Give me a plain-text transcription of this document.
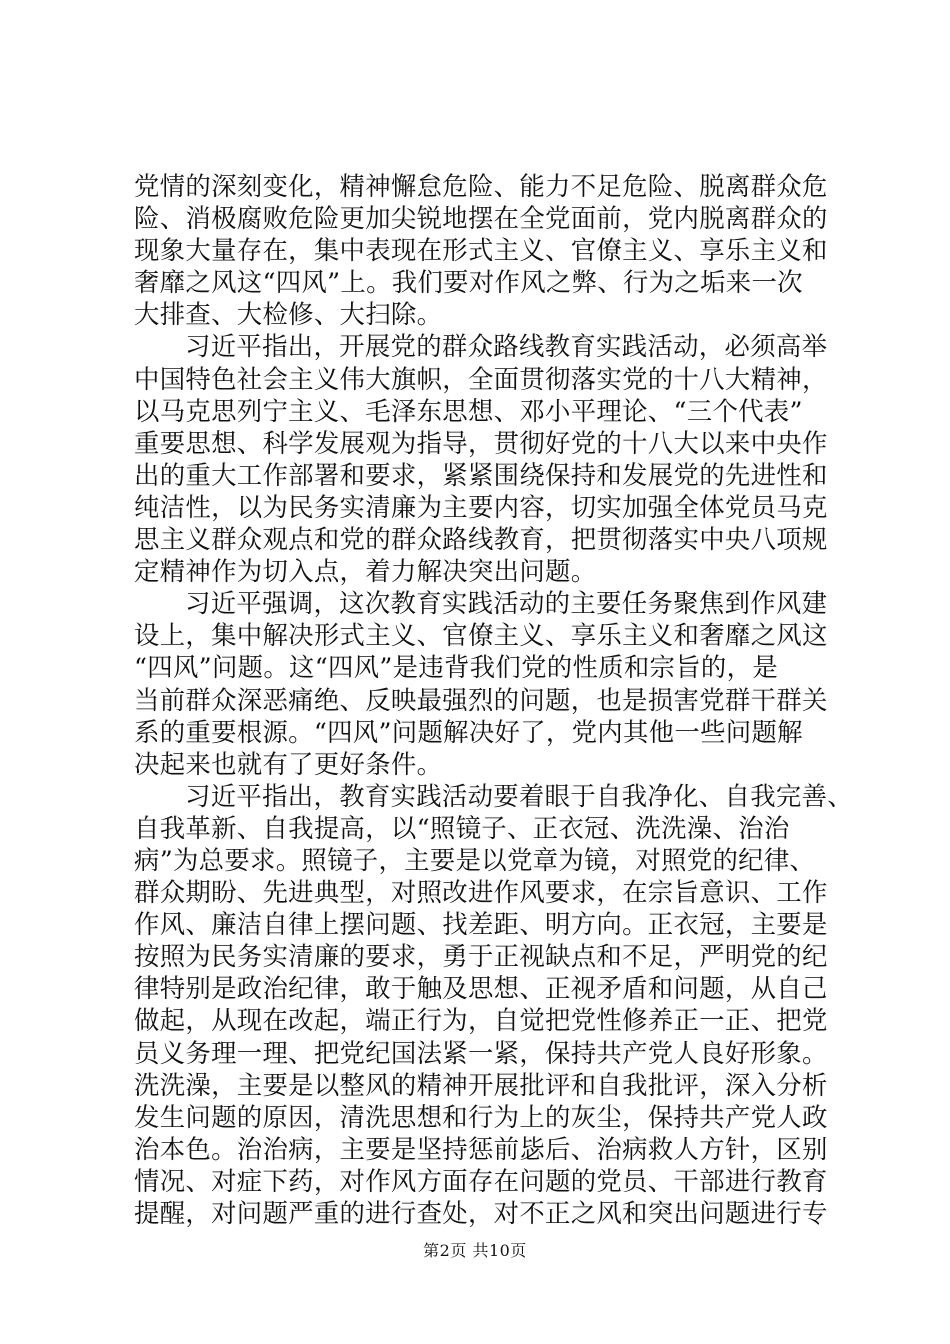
党情的深刻变化，精神懈怠危险、能力不足危险、脱离群众危
险、消极腐败危险更加尖锐地摆在全党面前，党内脱离群众的
现象大量存在，集中表现在形式主义、官僚主义、享乐主义和
奢靡之风这“四风”上。我们要对作风之弊、行为之垢来一次
大排查、大检修、大扫除。
习近平指出，开展党的群众路线教育实践活动，必须高举
中国特色社会主义伟大旗帜，全面贯彻落实党的十八大精神，
以马克思列宁主义、毛泽东思想、邓小平理论、“三个代表”
重要思想、科学发展观为指导，贯彻好党的十八大以来中央作
出的重大工作部署和要求，紧紧围绕保持和发展党的先进性和
纯洁性，以为民务实清廉为主要内容，切实加强全体党员马克
思主义群众观点和党的群众路线教育，把贯彻落实中央八项规
定精神作为切入点，着力解决突出问题。
习近平强调，这次教育实践活动的主要任务聚焦到作风建
设上，集中解决形式主义、官僚主义、享乐主义和奢靡之风这
“四风”问题。这“四风”是违背我们党的性质和宗旨的，是
当前群众深恶痛绝、反映最强烈的问题，也是损害党群干群关
系的重要根源。“四风”问题解决好了，党内其他一些问题解
决起来也就有了更好条件。
习近平指出，教育实践活动要着眼于自我净化、自我完善、
自我革新、自我提高，以“照镜子、正衣冠、洗洗澡、治治
病”为总要求。照镜子，主要是以党章为镜，对照党的纪律、
群众期盼、先进典型，对照改进作风要求，在宗旨意识、工作
作风、廉洁自律上摆问题、找差距、明方向。正衣冠，主要是
按照为民务实清廉的要求，勇于正视缺点和不足，严明党的纪
律特别是政治纪律，敢于触及思想、正视矛盾和问题，从自己
做起，从现在改起，端正行为，自觉把党性修养正一正、把党
员义务理一理、把党纪国法紧一紧，保持共产党人良好形象。
洗洗澡，主要是以整风的精神开展批评和自我批评，深入分析
发生问题的原因，清洗思想和行为上的灰尘，保持共产党人政
治本色。治治病，主要是坚持惩前毖后、治病救人方针，区别
情况、对症下药，对作风方面存在问题的党员、干部进行教育
提醒，对问题严重的进行查处，对不正之风和突出问题进行专
第2页 共10页
